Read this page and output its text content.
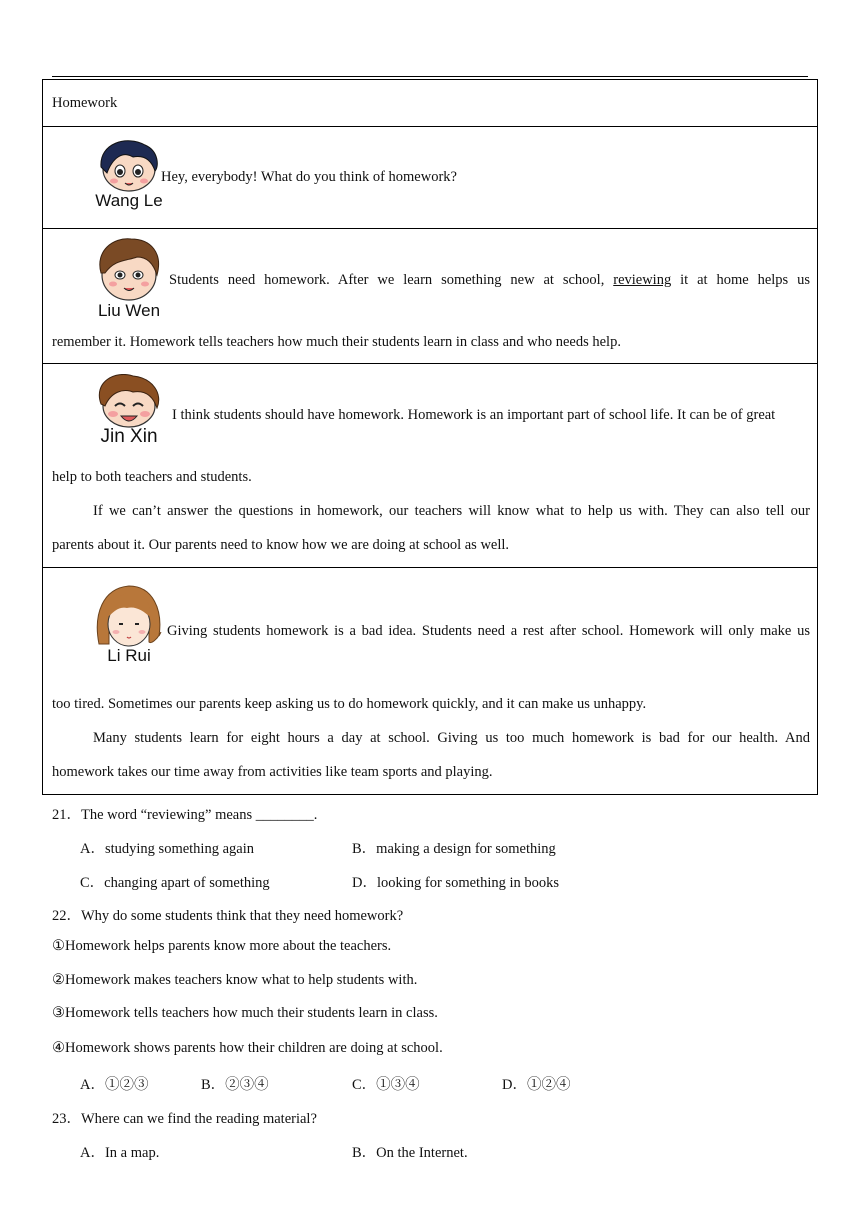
Homework
Wang Le
Hey, everybody! What do you think of homework?
Liu Wen
Students need homework. After we learn something new at school, reviewing it at home helps us
remember it. Homework tells teachers how much their students learn in class and who needs help.
Jin Xin
I think students should have homework. Homework is an important part of school life. It can be of great
help to both teachers and students.
If we can’t answer the questions in homework, our teachers will know what to help us with. They can also tell our
parents about it. Our parents need to know how we are doing at school as well.
Li Rui
Giving students homework is a bad idea. Students need a rest after school. Homework will only make us
too tired. Sometimes our parents keep asking us to do homework quickly, and it can make us unhappy.
Many students learn for eight hours a day at school. Giving us too much homework is bad for our health. And
homework takes our time away from activities like team sports and playing.
21．The word “reviewing” means ________.
A．studying something again	B．making a design for something
C．changing apart of something	D．looking for something in books
22．Why do some students think that they need homework?
①Homework helps parents know more about the teachers.
②Homework makes teachers know what to help students with.
③Homework tells teachers how much their students learn in class.
④Homework shows parents how their children are doing at school.
A．①②③	B．②③④	C．①③④	D．①②④
23．Where can we find the reading material?
A．In a map.	B．On the Internet.
